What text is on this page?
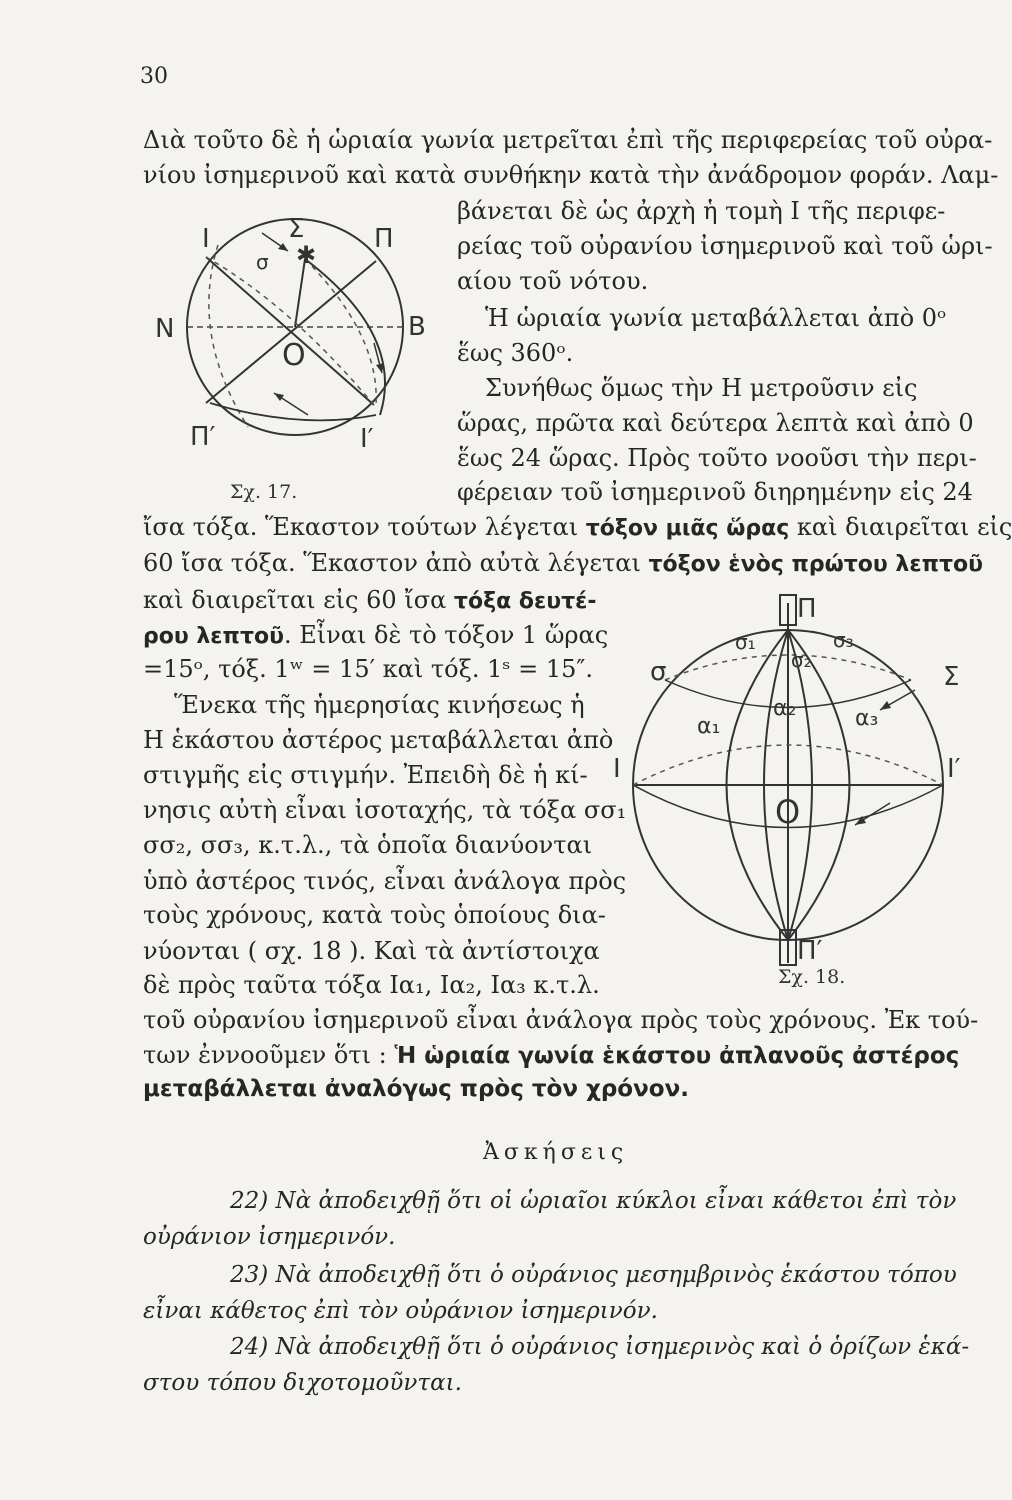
30
Διὰ τοῦτο δὲ ἡ ὡριαία γωνία μετρεῖται ἐπὶ τῆς περιφερείας τοῦ οὐρα-
νίου ἰσημερινοῦ καὶ κατὰ συνθήκην κατὰ τὴν ἀνάδρομον φοράν. Λαμ-
βάνεται δὲ ὡς ἀρχὴ ἡ τομὴ Ι τῆς περιφε-
ρείας τοῦ οὐρανίου ἰσημερινοῦ καὶ τοῦ ὡρι-
αίου τοῦ νότου.
Ἡ ὡριαία γωνία μεταβάλλεται ἀπὸ 0ᵒ
ἕως 360ᵒ.
Συνήθως ὅμως τὴν Η μετροῦσιν εἰς
ὥρας, πρῶτα καὶ δεύτερα λεπτὰ καὶ ἀπὸ 0
ἕως 24 ὥρας. Πρὸς τοῦτο νοοῦσι τὴν περι-
φέρειαν τοῦ ἰσημερινοῦ διηρημένην εἰς 24
I	Σ	Π
σ ✱
N	B
O
Π′	I′
Σχ. 17.
ἴσα τόξα. Ἕκαστον τούτων λέγεται τόξον μιᾶς ὥρας καὶ διαιρεῖται εἰς
60 ἴσα τόξα. Ἕκαστον ἀπὸ αὐτὰ λέγεται τόξον ἑνὸς πρώτου λεπτοῦ
καὶ διαιρεῖται εἰς 60 ἴσα τόξα δευτέ-
ρου λεπτοῦ. Εἶναι δὲ τὸ τόξον 1 ὥρας
=15ᵒ, τόξ. 1ʷ = 15′ καὶ τόξ. 1ˢ = 15″.
Ἕνεκα τῆς ἡμερησίας κινήσεως ἡ
Η ἑκάστου ἀστέρος μεταβάλλεται ἀπὸ
στιγμῆς εἰς στιγμήν. Ἐπειδὴ δὲ ἡ κί-
νησις αὐτὴ εἶναι ἰσοταχής, τὰ τόξα σσ₁
σσ₂, σσ₃, κ.τ.λ., τὰ ὁποῖα διανύονται
ὑπὸ ἀστέρος τινός, εἶναι ἀνάλογα πρὸς
τοὺς χρόνους, κατὰ τοὺς ὁποίους δια-
νύονται ( σχ. 18 ). Καὶ τὰ ἀντίστοιχα
δὲ πρὸς ταῦτα τόξα Ια₁, Ια₂, Ια₃ κ.τ.λ.
τοῦ οὐρανίου ἰσημερινοῦ εἶναι ἀνάλογα πρὸς τοὺς χρόνους. Ἐκ τού-
των ἐννοοῦμεν ὅτι : Ἡ ὡριαία γωνία ἑκάστου ἀπλανοῦς ἀστέρος
μεταβάλλεται ἀναλόγως πρὸς τὸν χρόνον.
Π
σ	Σ
σ₁
σ₂
σ₃
α₁
α₂	α₃
I	I′
O
Π′
Σχ. 18.
Ἀσκήσεις
22) Νὰ ἀποδειχθῇ ὅτι οἱ ὡριαῖοι κύκλοι εἶναι κάθετοι ἐπὶ τὸν
οὐράνιον ἰσημερινόν.
23) Νὰ ἀποδειχθῇ ὅτι ὁ οὐράνιος μεσημβρινὸς ἑκάστου τόπου
εἶναι κάθετος ἐπὶ τὸν οὐράνιον ἰσημερινόν.
24) Νὰ ἀποδειχθῇ ὅτι ὁ οὐράνιος ἰσημερινὸς καὶ ὁ ὁρίζων ἑκά-
στου τόπου διχοτομοῦνται.
